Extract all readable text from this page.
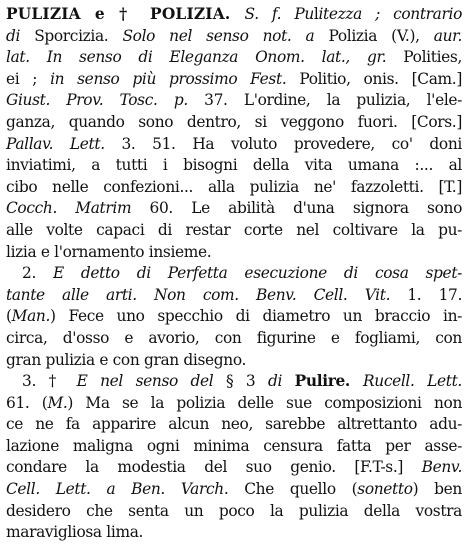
PULIZIA e † POLIZIA. S. f. Pulitezza ; contrario
di Sporcizia. Solo nel senso not. a Polizia (V.), aur.
lat. In senso di Eleganza Onom. lat., gr. Polities,
ei ; in senso più prossimo Fest. Politio, onis. [Cam.]
Giust. Prov. Tosc. p. 37. L'ordine, la pulizia, l'ele-
ganza, quando sono dentro, si veggono fuori. [Cors.]
Pallav. Lett. 3. 51. Ha voluto provedere, co' doni
inviatimi, a tutti i bisogni della vita umana :... al
cibo nelle confezioni... alla pulizia ne' fazzoletti. [T.]
Cocch. Matrim 60. Le abilità d'una signora sono
alle volte capaci di restar corte nel coltivare la pu-
lizia e l'ornamento insieme.
2. E detto di Perfetta esecuzione di cosa spet-
tante alle arti. Non com. Benv. Cell. Vit. 1. 17.
(Man.) Fece uno specchio di diametro un braccio in-
circa, d'osso e avorio, con figurine e fogliami, con
gran pulizia e con gran disegno.
3. † E nel senso del § 3 di Pulire. Rucell. Lett.
61. (M.) Ma se la polizia delle sue composizioni non
ce ne fa apparire alcun neo, sarebbe altrettanto adu-
lazione maligna ogni minima censura fatta per asse-
condare la modestia del suo genio. [F.T-s.] Benv.
Cell. Lett. a Ben. Varch. Che quello (sonetto) ben
desidero che senta un poco la pulizia della vostra
maravigliosa lima.
